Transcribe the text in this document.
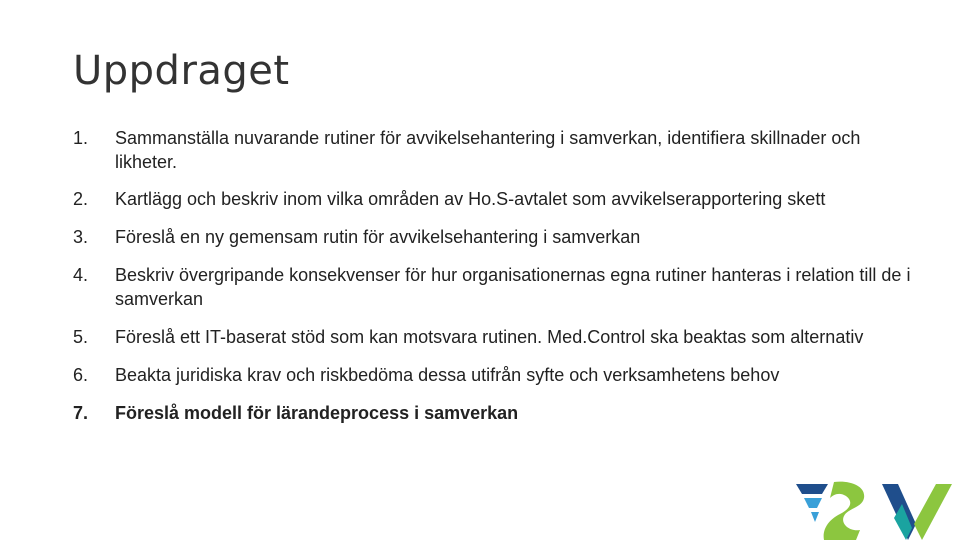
Uppdraget
1.	Sammanställa nuvarande rutiner för avvikelsehantering i samverkan, identifiera skillnader och likheter.
2.	Kartlägg och beskriv inom vilka områden av Ho.S-avtalet som avvikelserapportering skett
3.	Föreslå en ny gemensam rutin för avvikelsehantering i samverkan
4.	Beskriv övergripande konsekvenser för hur organisationernas egna rutiner hanteras i relation till de i samverkan
5.	Föreslå ett IT-baserat stöd som kan motsvara rutinen. Med.Control ska beaktas som alternativ
6.	Beakta juridiska krav och riskbedöma dessa utifrån syfte och verksamhetens behov
7.	Föreslå modell för lärandeprocess i samverkan
